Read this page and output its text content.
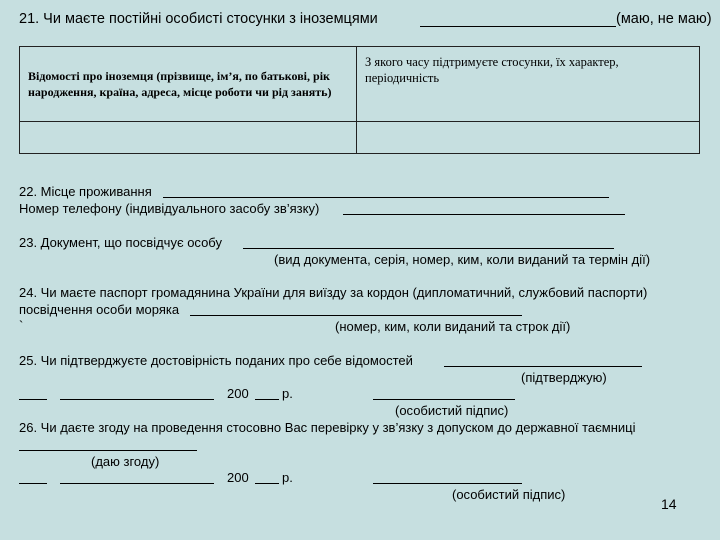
21. Чи маєте постійні особисті стосунки з іноземцями	(маю, не маю)
Відомості про іноземця (прізвище, ім’я, по батькові, рік народження, країна, адреса, місце роботи чи рід занять)
З якого часу підтримуєте стосунки, їх характер, періодичність
22. Місце проживання
Номер телефону (індивідуального засобу зв’язку)
23. Документ, що посвідчує особу
(вид документа, серія, номер, ким, коли виданий та термін дії)
24. Чи маєте паспорт громадянина України для виїзду за кордон (дипломатичний, службовий паспорти)
посвідчення особи моряка
`	(номер, ким, коли виданий та строк дії)
25. Чи підтверджуєте достовірність поданих про себе відомостей
(підтверджую)
200	р.
(особистий підпис)
26. Чи даєте згоду на проведення стосовно Вас перевірку у зв’язку з допуском до державної таємниці
(даю згоду)
200	р.
(особистий підпис)
14
